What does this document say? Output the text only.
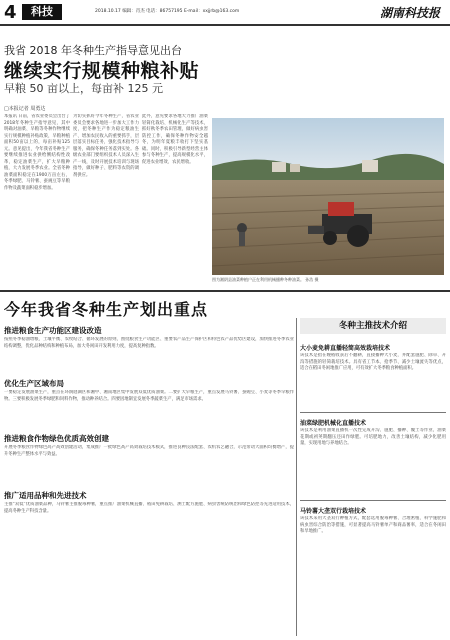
4	科技	2018.10.17 编辑：肖杰 电话：86757195 E-mail：xxjjrb@163.com	湖南科技报
我省 2018 年冬种生产指导意见出台
继续实行规模种粮补贴
早粮 50 亩以上，每亩补 125 元
□本报记者 周勇达
本报讯 日前，省农业委员会出台了2018年冬种生产指导意见，其中明确对油菜、早粮等冬种作物继续实行规模种植补贴政策，早粮种植面积50亩以上的，每亩补贴125元。意见提出，今年我省冬种生产要继续推进农业供给侧结构性改革，稳定油菜生产，扩大早粮种植，大力发展冬季农业。全省冬种油菜面积稳定在1900万亩左右，冬季绿肥、马铃薯、蚕豌豆等早粮作物及蔬菜面积稳步增加。
为切实抓好今年冬种生产，省农业委员会要求各地进一步加大工作力度，把冬种生产作为稳定粮油生产、增加农民收入的重要抓手，层层落实目标任务，强化技术指导与服务，确保冬种任务落到实处。各级农业部门要组织技术人员深入生产一线，及时开展技术培训与现场指导，做好种子、肥料等农资的调剂供应。
此外，意见要求各地大力推广油菜轻简化栽培、机械化生产等技术，抓好秋冬季农田管理，做好病虫害防控工作，确保冬种作物安全越冬，为明年夏粮丰收打下坚实基础。同时，积极引导新型经营主体参与冬种生产，提高规模化水平，促进农业增效、农民增收。
图为湘阴县油菜种植户正在利用机械播种冬种油菜。 孙浩 摄
今年我省冬种生产划出重点
推进粮食生产功能区建设改造
按照冬季稳油增粮、土壤平衡、农牧结合、循环发展的原则，围绕粮食生产功能区、重要农产品生产保护区和特色农产品优势区建设，加快推进冬季农业结构调整，优化品种结构和种植布局，加大冬闲田开发利用力度，提高复种指数。
优化生产区域布局
一要稳定发展油菜生产，重点在环洞庭湖区和湘中、湘南地区集中发展双低优质油菜。二要扩大早粮生产，重点发展马铃薯、蚕豌豆、小麦等冬季早粮作物。三要积极发展冬季绿肥和饲料作物，推动种养结合。四要因地制宜发展冬季蔬菜生产，满足市场需求。
推进粮食作物绿色优质高效创建
开展冬季粮食作物绿色高产高效创建活动，集成推广一批绿色高产高效栽培技术模式，推进良种良法配套、农机农艺融合，示范带动大面积均衡增产，提升冬种生产整体水平与效益。
推广适用品种和先进技术
主推“双低”优质油菜品种，马铃薯主推脱毒种薯，重点推广油菜机械直播、稻田免耕栽培、测土配方施肥、病虫害统防统治和绿色防控等先进适用技术，提高冬种生产科技含量。
冬种主推技术介绍
大小麦免耕直播轻简高效栽培技术
该技术是指在晚稻收获后不翻耕，直接播种大小麦，并配套施肥、除草、开沟等措施的轻简栽培技术。具有省工节本、抢季节、减少土壤流失等优点，适合在稻田冬闲地推广应用，可有效扩大冬季粮食种植面积。
油菜绿肥机械化直播技术
该技术是利用油菜直播机一次性完成开沟、施肥、播种、覆土等作业，油菜花期或初荚期翻压还田作绿肥。可培肥地力，改善土壤结构，减少化肥用量，实现用地与养地结合。
马铃薯大垄双行栽培技术
该技术采用大垄双行种植方式，配套选用脱毒种薯、合理密植、科学施肥和病虫害综合防治等措施，可显著提高马铃薯单产和商品薯率，适合在冬闲田和旱地推广。
